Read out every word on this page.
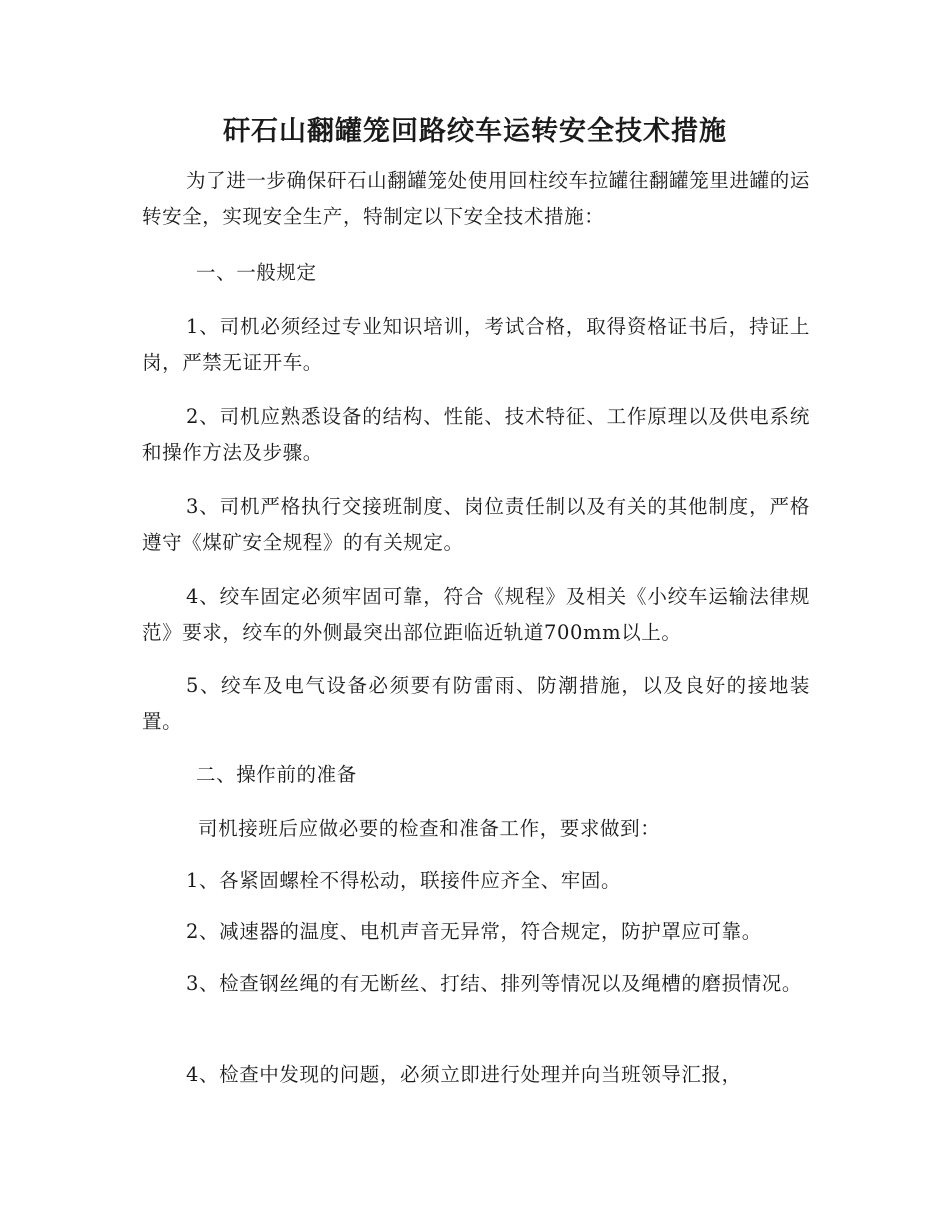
矸石山翻罐笼回路绞车运转安全技术措施

为了进一步确保矸石山翻罐笼处使用回柱绞车拉罐往翻罐笼里进罐的运转安全，实现安全生产，特制定以下安全技术措施：

一、一般规定

1、司机必须经过专业知识培训，考试合格，取得资格证书后，持证上岗，严禁无证开车。

2、司机应熟悉设备的结构、性能、技术特征、工作原理以及供电系统和操作方法及步骤。

3、司机严格执行交接班制度、岗位责任制以及有关的其他制度，严格遵守《煤矿安全规程》的有关规定。

4、绞车固定必须牢固可靠，符合《规程》及相关《小绞车运输法律规范》要求，绞车的外侧最突出部位距临近轨道700mm以上。

5、绞车及电气设备必须要有防雷雨、防潮措施，以及良好的接地装置。

二、操作前的准备

司机接班后应做必要的检查和准备工作，要求做到：

1、各紧固螺栓不得松动，联接件应齐全、牢固。

2、减速器的温度、电机声音无异常，符合规定，防护罩应可靠。

3、检查钢丝绳的有无断丝、打结、排列等情况以及绳槽的磨损情况。

4、检查中发现的问题，必须立即进行处理并向当班领导汇报，
